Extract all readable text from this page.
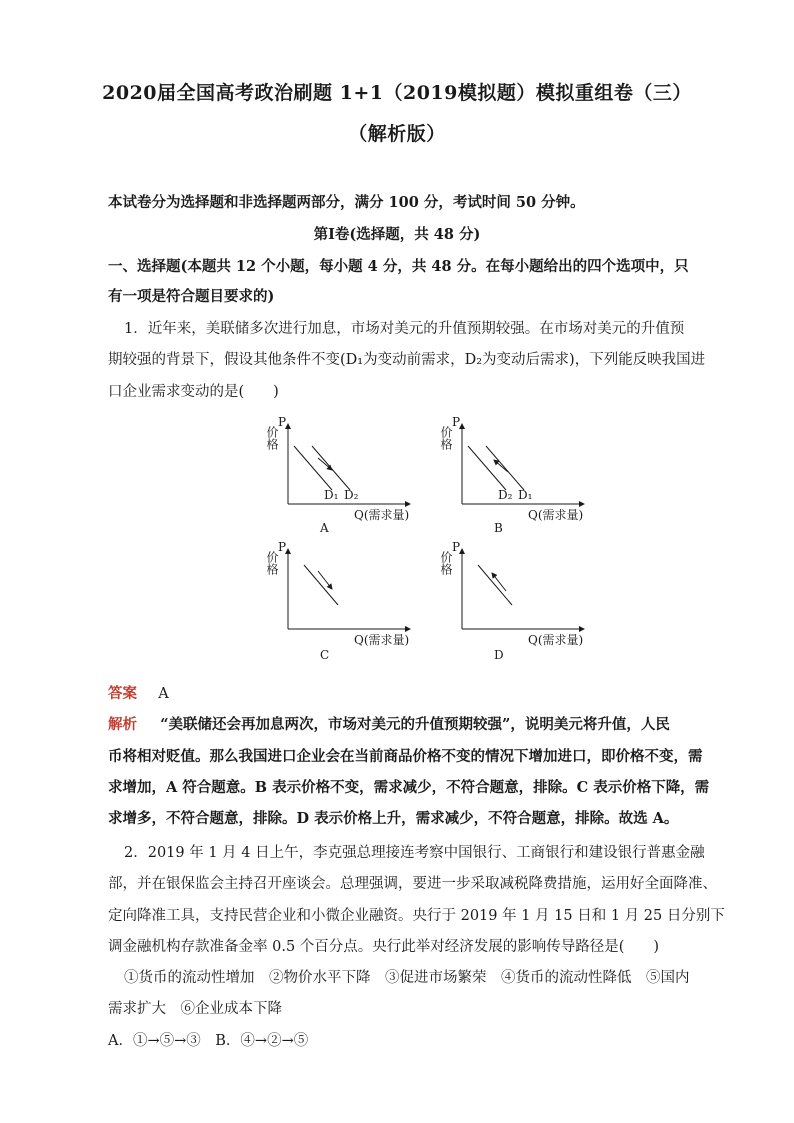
2020届全国高考政治刷题 1+1（2019模拟题）模拟重组卷（三）
（解析版）
本试卷分为选择题和非选择题两部分，满分 100 分，考试时间 50 分钟。
第Ⅰ卷(选择题，共 48 分)
一、选择题(本题共 12 个小题，每小题 4 分，共 48 分。在每小题给出的四个选项中，只
有一项是符合题目要求的)
1．近年来，美联储多次进行加息，市场对美元的升值预期较强。在市场对美元的升值预
期较强的背景下，假设其他条件不变(D₁为变动前需求，D₂为变动后需求)，下列能反映我国进
口企业需求变动的是(　　)
P
价格
D₁ D₂
Q(需求量)
A
P
价格
D₂ D₁
Q(需求量)
B
P
价格
Q(需求量)
C
P
价格
Q(需求量)
D
答案 A
解析 “美联储还会再加息两次，市场对美元的升值预期较强”，说明美元将升值，人民
币将相对贬值。那么我国进口企业会在当前商品价格不变的情况下增加进口，即价格不变，需
求增加，A 符合题意。B 表示价格不变，需求减少，不符合题意，排除。C 表示价格下降，需
求增多，不符合题意，排除。D 表示价格上升，需求减少，不符合题意，排除。故选 A。
2．2019 年 1 月 4 日上午，李克强总理接连考察中国银行、工商银行和建设银行普惠金融
部，并在银保监会主持召开座谈会。总理强调，要进一步采取减税降费措施，运用好全面降准、
定向降准工具，支持民营企业和小微企业融资。央行于 2019 年 1 月 15 日和 1 月 25 日分别下
调金融机构存款准备金率 0.5 个百分点。央行此举对经济发展的影响传导路径是(　　)
①货币的流动性增加　②物价水平下降　③促进市场繁荣　④货币的流动性降低　⑤国内
需求扩大　⑥企业成本下降
A．①→⑤→③　B．④→②→⑤
